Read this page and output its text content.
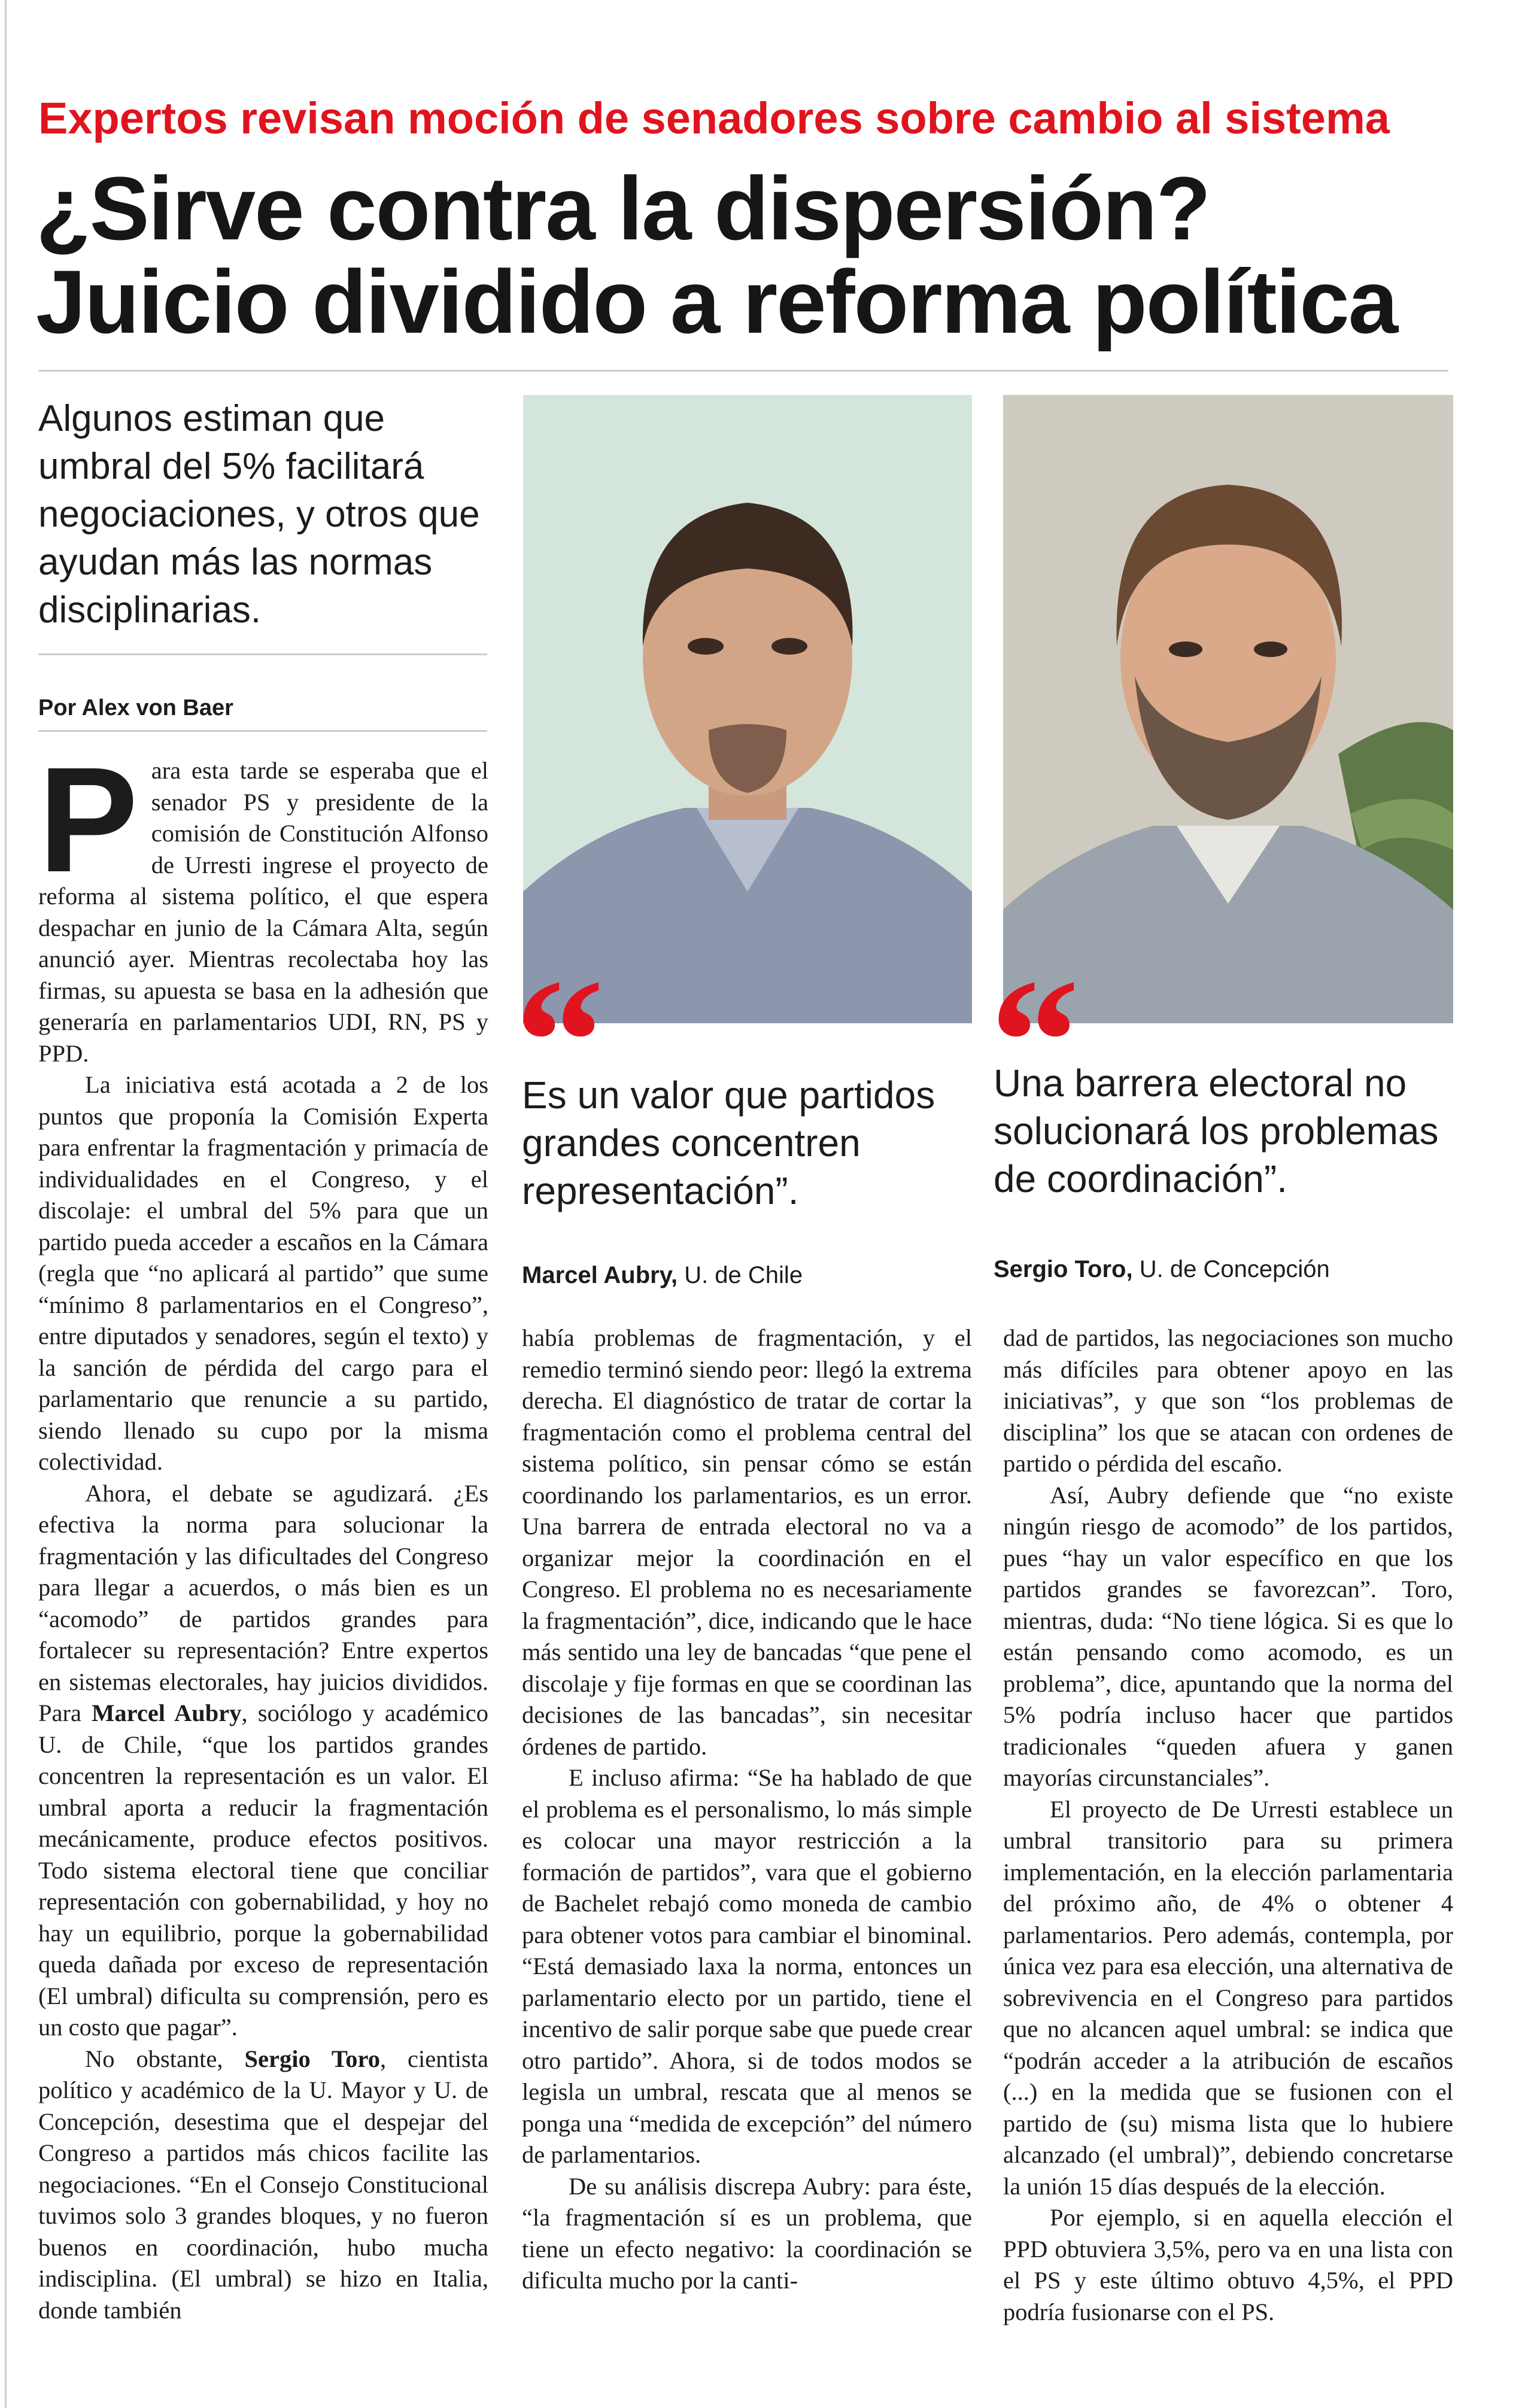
Expertos revisan moción de senadores sobre cambio al sistema
¿Sirve contra la dispersión?
Juicio dividido a reforma política
Algunos estiman que umbral del 5% facilitará negociaciones, y otros que ayudan más las normas disciplinarias.
Por Alex von Baer
“ “
Es un valor que partidos grandes concentren representación”.
Marcel Aubry, U. de Chile
Una barrera electoral no solucionará los problemas de coordinación”.
Sergio Toro, U. de Concepción

Para esta tarde se esperaba que el senador PS y presidente de la comisión de Constitución Alfonso de Urresti ingrese el proyecto de reforma al sistema político, el que espera despachar en junio de la Cámara Alta, según anunció ayer. Mientras recolectaba hoy las firmas, su apuesta se basa en la adhesión que generaría en parlamentarios UDI, RN, PS y PPD.

La iniciativa está acotada a 2 de los puntos que proponía la Comisión Experta para enfrentar la fragmentación y primacía de individualidades en el Congreso, y el discolaje: el umbral del 5% para que un partido pueda acceder a escaños en la Cámara (regla que “no aplicará al partido” que sume “mínimo 8 parlamentarios en el Congreso”, entre diputados y senadores, según el texto) y la sanción de pérdida del cargo para el parlamentario que renuncie a su partido, siendo llenado su cupo por la misma colectividad.

Ahora, el debate se agudizará. ¿Es efectiva la norma para solucionar la fragmentación y las dificultades del Congreso para llegar a acuerdos, o más bien es un “acomodo” de partidos grandes para fortalecer su representación? Entre expertos en sistemas electorales, hay juicios divididos. Para Marcel Aubry, sociólogo y académico U. de Chile, “que los partidos grandes concentren la representación es un valor. El umbral aporta a reducir la fragmentación mecánicamente, produce efectos positivos. Todo sistema electoral tiene que conciliar representación con gobernabilidad, y hoy no hay un equilibrio, porque la gobernabilidad queda dañada por exceso de representación (El umbral) dificulta su comprensión, pero es un costo que pagar”.

No obstante, Sergio Toro, cientista político y académico de la U. Mayor y U. de Concepción, desestima que el despejar del Congreso a partidos más chicos facilite las negociaciones. “En el Consejo Constitucional tuvimos solo 3 grandes bloques, y no fueron buenos en coordinación, hubo mucha indisciplina. (El umbral) se hizo en Italia, donde también

había problemas de fragmentación, y el remedio terminó siendo peor: llegó la extrema derecha. El diagnóstico de tratar de cortar la fragmentación como el problema central del sistema político, sin pensar cómo se están coordinando los parlamentarios, es un error. Una barrera de entrada electoral no va a organizar mejor la coordinación en el Congreso. El problema no es necesariamente la fragmentación”, dice, indicando que le hace más sentido una ley de bancadas “que pene el discolaje y fije formas en que se coordinan las decisiones de las bancadas”, sin necesitar órdenes de partido.

E incluso afirma: “Se ha hablado de que el problema es el personalismo, lo más simple es colocar una mayor restricción a la formación de partidos”, vara que el gobierno de Bachelet rebajó como moneda de cambio para obtener votos para cambiar el binominal. “Está demasiado laxa la norma, entonces un parlamentario electo por un partido, tiene el incentivo de salir porque sabe que puede crear otro partido”. Ahora, si de todos modos se legisla un umbral, rescata que al menos se ponga una “medida de excepción” del número de parlamentarios.

De su análisis discrepa Aubry: para éste, “la fragmentación sí es un problema, que tiene un efecto negativo: la coordinación se dificulta mucho por la canti-

dad de partidos, las negociaciones son mucho más difíciles para obtener apoyo en las iniciativas”, y que son “los problemas de disciplina” los que se atacan con ordenes de partido o pérdida del escaño.

Así, Aubry defiende que “no existe ningún riesgo de acomodo” de los partidos, pues “hay un valor específico en que los partidos grandes se favorezcan”. Toro, mientras, duda: “No tiene lógica. Si es que lo están pensando como acomodo, es un problema”, dice, apuntando que la norma del 5% podría incluso hacer que partidos tradicionales “queden afuera y ganen mayorías circunstanciales”.

El proyecto de De Urresti establece un umbral transitorio para su primera implementación, en la elección parlamentaria del próximo año, de 4% o obtener 4 parlamentarios. Pero además, contempla, por única vez para esa elección, una alternativa de sobrevivencia en el Congreso para partidos que no alcancen aquel umbral: se indica que “podrán acceder a la atribución de escaños (...) en la medida que se fusionen con el partido de (su) misma lista que lo hubiere alcanzado (el umbral)”, debiendo concretarse la unión 15 días después de la elección.

Por ejemplo, si en aquella elección el PPD obtuviera 3,5%, pero va en una lista con el PS y este último obtuvo 4,5%, el PPD podría fusionarse con el PS.
